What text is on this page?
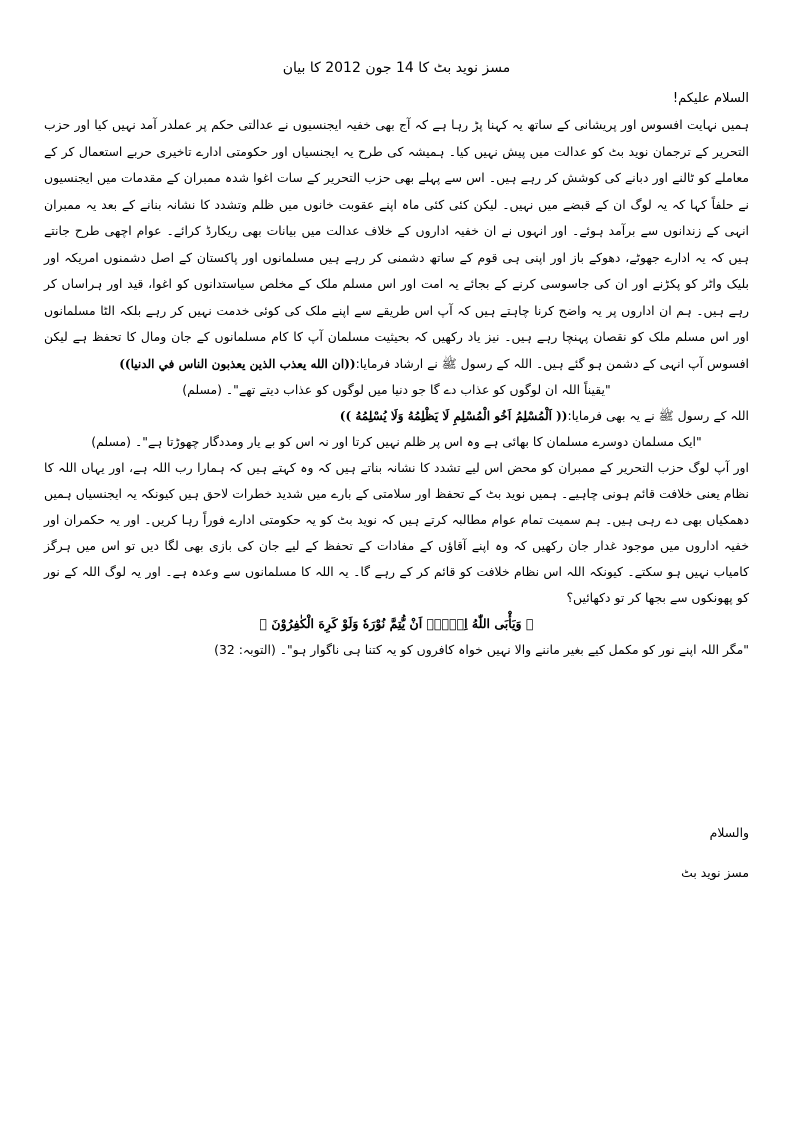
مسز نوید بٹ کا 14 جون 2012 کا بیان
السلام علیکم!

ہمیں نہایت افسوس اور پریشانی کے ساتھ یہ کہنا پڑ رہا ہے کہ آج بھی خفیہ ایجنسیوں نے عدالتی حکم پر عملدر آمد نہیں کیا اور حزب التحریر کے ترجمان نوید بٹ کو عدالت میں پیش نہیں کیا۔ ہمیشہ کی طرح یہ ایجنسیاں اور حکومتی ادارے تاخیری حربے استعمال کر کے معاملے کو ٹالنے اور دبانے کی کوشش کر رہے ہیں۔ اس سے پہلے بھی حزب التحریر کے سات اغوا شدہ ممبران کے مقدمات میں ایجنسیوں نے حلفاً کہا کہ یہ لوگ ان کے قبضے میں نہیں۔ لیکن کئی کئی ماہ اپنے عقوبت خانوں میں ظلم وتشدد کا نشانہ بنانے کے بعد یہ ممبران انہی کے زندانوں سے برآمد ہوئے۔ اور انہوں نے ان خفیہ اداروں کے خلاف عدالت میں بیانات بھی ریکارڈ کرائے۔ عوام اچھی طرح جانتے ہیں کہ یہ ادارے جھوٹے، دھوکے باز اور اپنی ہی قوم کے ساتھ دشمنی کر رہے ہیں مسلمانوں اور پاکستان کے اصل دشمنوں امریکہ اور بلیک واٹر کو پکڑنے اور ان کی جاسوسی کرنے کے بجائے یہ امت اور اس مسلم ملک کے مخلص سیاستدانوں کو اغوا، قید اور ہراساں کر رہے ہیں۔ ہم ان اداروں پر یہ واضح کرنا چاہتے ہیں کہ آپ اس طریقے سے اپنے ملک کی کوئی خدمت نہیں کر رہے بلکہ الٹا مسلمانوں اور اس مسلم ملک کو نقصان پہنچا رہے ہیں۔ نیز یاد رکھیں کہ بحیثیت مسلمان آپ کا کام مسلمانوں کے جان ومال کا تحفظ ہے لیکن افسوس آپ انہی کے دشمن ہو گئے ہیں۔ اللہ کے رسول ﷺ نے ارشاد فرمایا:((ان الله يعذب الذين يعذبون الناس في الدنيا))

"یقیناً اللہ ان لوگوں کو عذاب دے گا جو دنیا میں لوگوں کو عذاب دیتے تھے"۔ (مسلم)

اللہ کے رسول ﷺ نے یہ بھی فرمایا:(( اَلْمُسْلِمُ اَخُو الْمُسْلِمِ لَا يَظْلِمُهُ وَلَا يُسْلِمُهُ ))

"ایک مسلمان دوسرے مسلمان کا بھائی ہے وہ اس پر ظلم نہیں کرتا اور نہ اس کو بے یار ومددگار چھوڑتا ہے"۔ (مسلم)

اور آپ لوگ حزب التحریر کے ممبران کو محض اس لیے تشدد کا نشانہ بناتے ہیں کہ وہ کہتے ہیں کہ ہمارا رب اللہ ہے، اور یہاں اللہ کا نظام یعنی خلافت قائم ہونی چاہیے۔ ہمیں نوید بٹ کے تحفظ اور سلامتی کے بارے میں شدید خطرات لاحق ہیں کیونکہ یہ ایجنسیاں ہمیں دھمکیاں بھی دے رہی ہیں۔ ہم سمیت تمام عوام مطالبہ کرتے ہیں کہ نوید بٹ کو یہ حکومتی ادارے فوراً رہا کریں۔ اور یہ حکمران اور خفیہ اداروں میں موجود غدار جان رکھیں کہ وہ اپنے آقاؤں کے مفادات کے تحفظ کے لیے جان کی بازی بھی لگا دیں تو اس میں ہرگز کامیاب نہیں ہو سکتے۔ کیونکہ اللہ اس نظام خلافت کو قائم کر کے رہے گا۔ یہ اللہ کا مسلمانوں سے وعدہ ہے۔ اور یہ لوگ اللہ کے نور کو پھونکوں سے بجھا کر تو دکھائیں؟

﴿ وَيَأْبَى اللّٰهُ اِلَّاۤ اَنْ يُّتِمَّ نُوْرَهٗ وَلَوْ كَرِهَ الْكٰفِرُوْنَ ﴾

"مگر اللہ اپنے نور کو مکمل کیے بغیر ماننے والا نہیں خواہ کافروں کو یہ کتنا ہی ناگوار ہو"۔ (التوبہ: 32)

والسلام
مسز نوید بٹ
